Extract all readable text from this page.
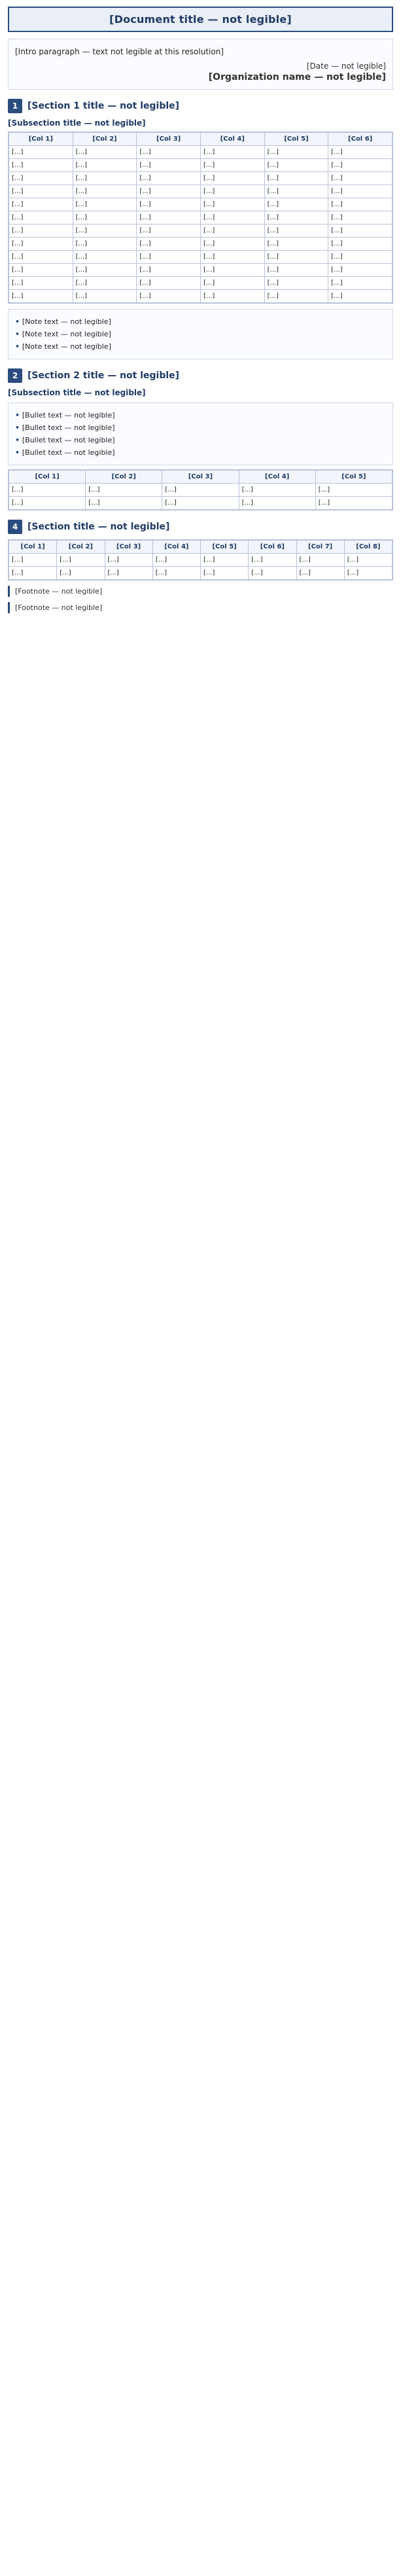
[Document title — not legible]
[Intro paragraph — text not legible at this resolution]
[Date — not legible]
[Organization name — not legible]
1	[Section 1 title — not legible]
[Subsection title — not legible]
[Col 1]	[Col 2]	[Col 3]	[Col 4]	[Col 5]	[Col 6]
[...]	[...]	[...]	[...]	[...]	[...]
[...]	[...]	[...]	[...]	[...]	[...]
[...]	[...]	[...]	[...]	[...]	[...]
[...]	[...]	[...]	[...]	[...]	[...]
[...]	[...]	[...]	[...]	[...]	[...]
[...]	[...]	[...]	[...]	[...]	[...]
[...]	[...]	[...]	[...]	[...]	[...]
[...]	[...]	[...]	[...]	[...]	[...]
[...]	[...]	[...]	[...]	[...]	[...]
[...]	[...]	[...]	[...]	[...]	[...]
[...]	[...]	[...]	[...]	[...]	[...]
[...]	[...]	[...]	[...]	[...]	[...]
• [Note text — not legible]
• [Note text — not legible]
• [Note text — not legible]
2	[Section 2 title — not legible]
[Subsection title — not legible]
• [Bullet text — not legible]
• [Bullet text — not legible]
• [Bullet text — not legible]
• [Bullet text — not legible]
[Col 1]	[Col 2]	[Col 3]	[Col 4]	[Col 5]
[...]	[...]	[...]	[...]	[...]
[...]	[...]	[...]	[...]	[...]
4	[Section title — not legible]
[Col 1]	[Col 2]	[Col 3]	[Col 4]	[Col 5]	[Col 6]	[Col 7]	[Col 8]
[...]	[...]	[...]	[...]	[...]	[...]	[...]	[...]
[...]	[...]	[...]	[...]	[...]	[...]	[...]	[...]
[Footnote — not legible]
[Footnote — not legible]
